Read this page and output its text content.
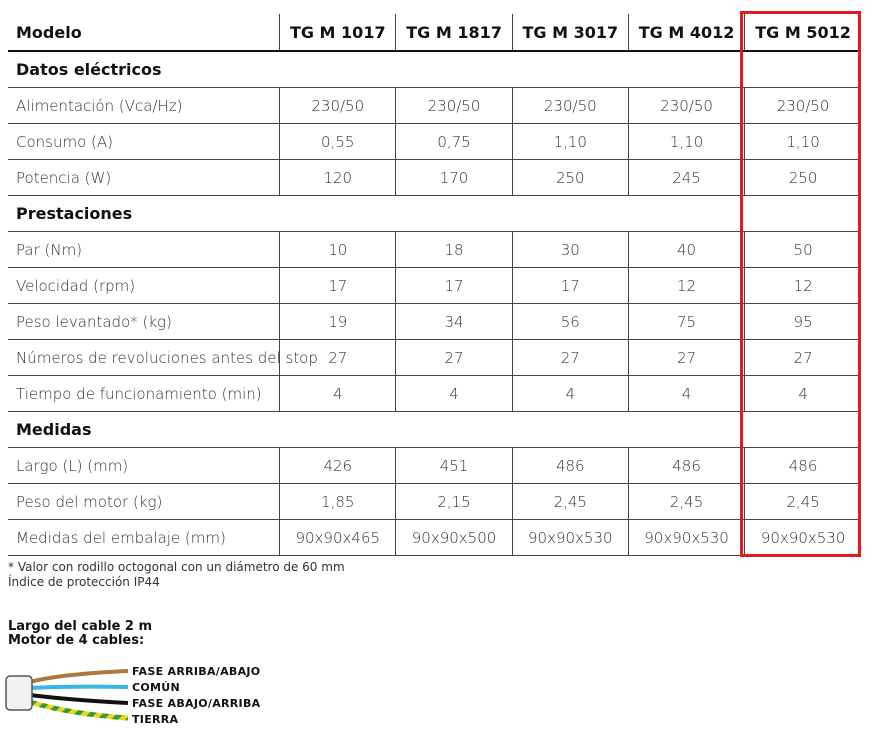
Modelo	TG M 1017	TG M 1817	TG M 3017	TG M 4012	TG M 5012
Datos eléctricos					
Alimentación (Vca/Hz)	230/50	230/50	230/50	230/50	230/50
Consumo (A)	0,55	0,75	1,10	1,10	1,10
Potencia (W)	120	170	250	245	250
Prestaciones					
Par (Nm)	10	18	30	40	50
Velocidad (rpm)	17	17	17	12	12
Peso levantado* (kg)	19	34	56	75	95
Números de revoluciones antes del stop	27	27	27	27	27
Tiempo de funcionamiento (min)	4	4	4	4	4
Medidas					
Largo (L) (mm)	426	451	486	486	486
Peso del motor (kg)	1,85	2,15	2,45	2,45	2,45
Medidas del embalaje (mm)	90x90x465	90x90x500	90x90x530	90x90x530	90x90x530
* Valor con rodillo octogonal con un diámetro de 60 mm
Índice de protección IP44
Largo del cable 2 m
Motor de 4 cables:
FASE ARRIBA/ABAJO
COMÚN
FASE ABAJO/ARRIBA
TIERRA
